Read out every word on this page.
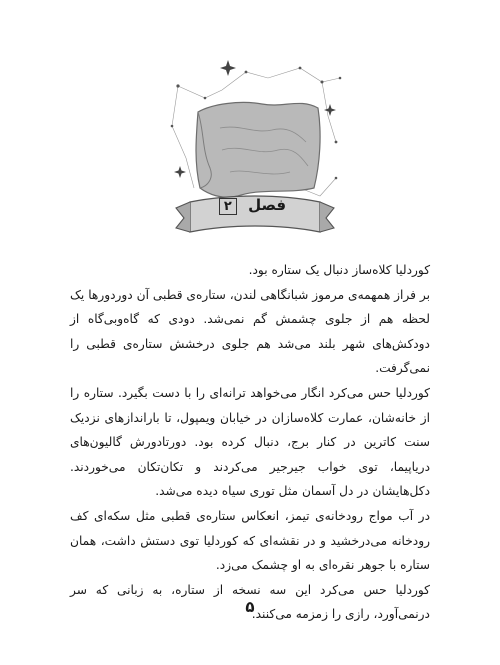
فصل ۲

کوردلیا کلاه‌ساز دنبال یک ستاره بود.

بر فراز همهمه‌ی مرموز شبانگاهی لندن، ستاره‌ی قطبی آن دوردورها یک لحظه هم از جلوی چشمش گم نمی‌شد. دودی که گاه‌وبی‌گاه از دودکش‌های شهر بلند می‌شد هم جلوی درخشش ستاره‌ی قطبی را نمی‌گرفت.

کوردلیا حس می‌کرد انگار می‌خواهد ترانه‌ای را با دست بگیرد. ستاره را از خانه‌شان، عمارت کلاه‌سازان در خیابان ویمپول، تا بارانداز‌های نزدیک سنت کاترین در کنار برج، دنبال کرده بود. دورتادورش گالیون‌های دریاپیما، توی خواب جیرجیر می‌کردند و تکان‌تکان می‌خوردند. دکل‌هایشان در دل آسمان مثل توری سیاه دیده می‌شد.

در آب مواج رودخانه‌ی تیمز، انعکاس ستاره‌ی قطبی مثل سکه‌ای کف رودخانه می‌درخشید و در نقشه‌ای که کوردلیا توی دستش داشت، همان ستاره با جوهر نقره‌ای به او چشمک می‌زد.

کوردلیا حس می‌کرد این سه نسخه از ستاره، به زبانی که سر درنمی‌آورد، رازی را زمزمه می‌کنند.

۵
